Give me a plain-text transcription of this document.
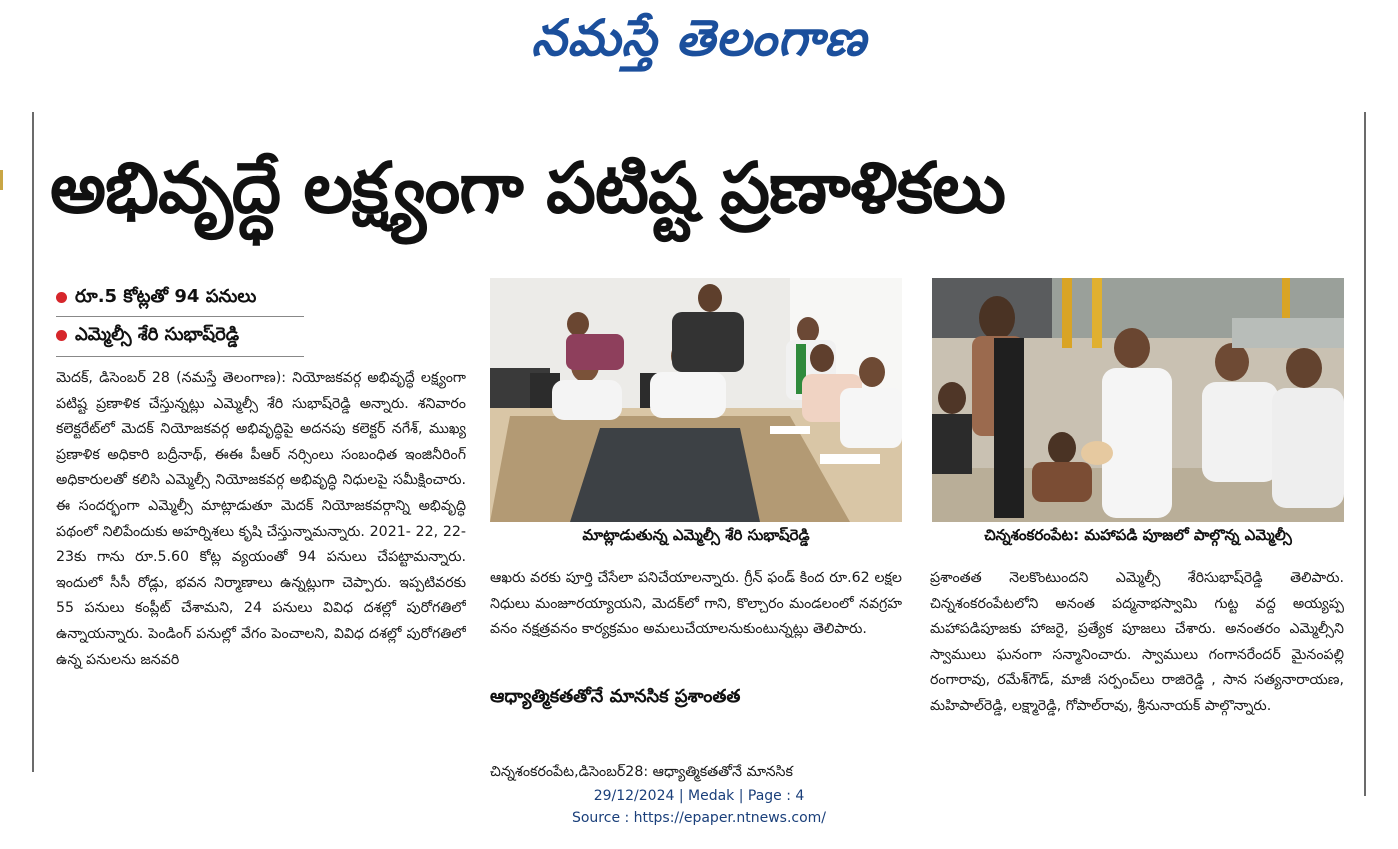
నమస్తే తెలంగాణ
అభివృద్ధే లక్ష్యంగా పటిష్ట ప్రణాళికలు
రూ.5 కోట్లతో 94 పనులు
ఎమ్మెల్సీ శేరి సుభాష్‌రెడ్డి
మెదక్, డిసెంబర్ 28 (నమస్తే తెలంగాణ): నియోజకవర్గ అభివృద్ధే లక్ష్యంగా పటిష్ట ప్రణాళిక చేస్తున్నట్లు ఎమ్మెల్సీ శేరి సుభాష్‌రెడ్డి అన్నారు. శనివారం కలెక్టరేట్‌లో మెదక్ నియోజకవర్గ అభివృద్ధిపై అదనపు కలెక్టర్ నగేశ్, ముఖ్య ప్రణాళిక అధికారి బద్రీనాథ్, ఈఈ పీఆర్ నర్సింలు సంబంధిత ఇంజినీరింగ్ అధికారులతో కలిసి ఎమ్మెల్సీ నియోజకవర్గ అభివృద్ధి నిధులపై సమీక్షించారు. ఈ సందర్భంగా ఎమ్మెల్సీ మాట్లాడుతూ మెదక్ నియోజకవర్గాన్ని అభివృద్ధి పథంలో నిలిపేందుకు అహర్నిశలు కృషి చేస్తున్నామన్నారు. 2021- 22, 22- 23కు గాను రూ.5.60 కోట్ల వ్యయంతో 94 పనులు చేపట్టామన్నారు. ఇందులో సీసీ రోడ్లు, భవన నిర్మాణాలు ఉన్నట్లుగా చెప్పారు. ఇప్పటివరకు 55 పనులు కంప్లీట్ చేశామని, 24 పనులు వివిధ దశల్లో పురోగతిలో ఉన్నాయన్నారు. పెండింగ్ పనుల్లో వేగం పెంచాలని, వివిధ దశల్లో పురోగతిలో ఉన్న పనులను జనవరి
మాట్లాడుతున్న ఎమ్మెల్సీ శేరి సుభాష్‌రెడ్డి	చిన్నశంకరంపేట: మహాపడి పూజలో పాల్గొన్న ఎమ్మెల్సీ
ఆఖరు వరకు పూర్తి చేసేలా పనిచేయాలన్నారు. గ్రీన్ ఫండ్ కింద రూ.62 లక్షల నిధులు మంజూరయ్యాయని, మెదక్‌లో గాని, కొల్చారం మండలంలో నవగ్రహ వనం నక్షత్రవనం కార్యక్రమం అమలుచేయాలనుకుంటున్నట్లు తెలిపారు.
ఆధ్యాత్మికతతోనే మానసిక ప్రశాంతత
చిన్నశంకరంపేట,డిసెంబర్28: ఆధ్యాత్మికతతోనే మానసిక
ప్రశాంతత నెలకొంటుందని ఎమ్మెల్సీ శేరిసుభాష్‌రెడ్డి తెలిపారు. చిన్నశంకరంపేటలోని అనంత పద్మనాభస్వామి గుట్ట వద్ద అయ్యప్ప మహాపడిపూజకు హాజరై, ప్రత్యేక పూజలు చేశారు. అనంతరం ఎమ్మెల్సీని స్వాములు ఘనంగా సన్మానించారు. స్వాములు గంగానరేందర్ మైనంపల్లి రంగారావు, రమేశ్‌గౌడ్, మాజీ సర్పంచ్‌లు రాజిరెడ్డి , సాన సత్యనారాయణ, మహిపాల్‌రెడ్డి, లక్ష్మారెడ్డి, గోపాల్‌రావు, శ్రీనునాయక్ పాల్గొన్నారు.
29/12/2024 | Medak | Page : 4
Source : https://epaper.ntnews.com/
